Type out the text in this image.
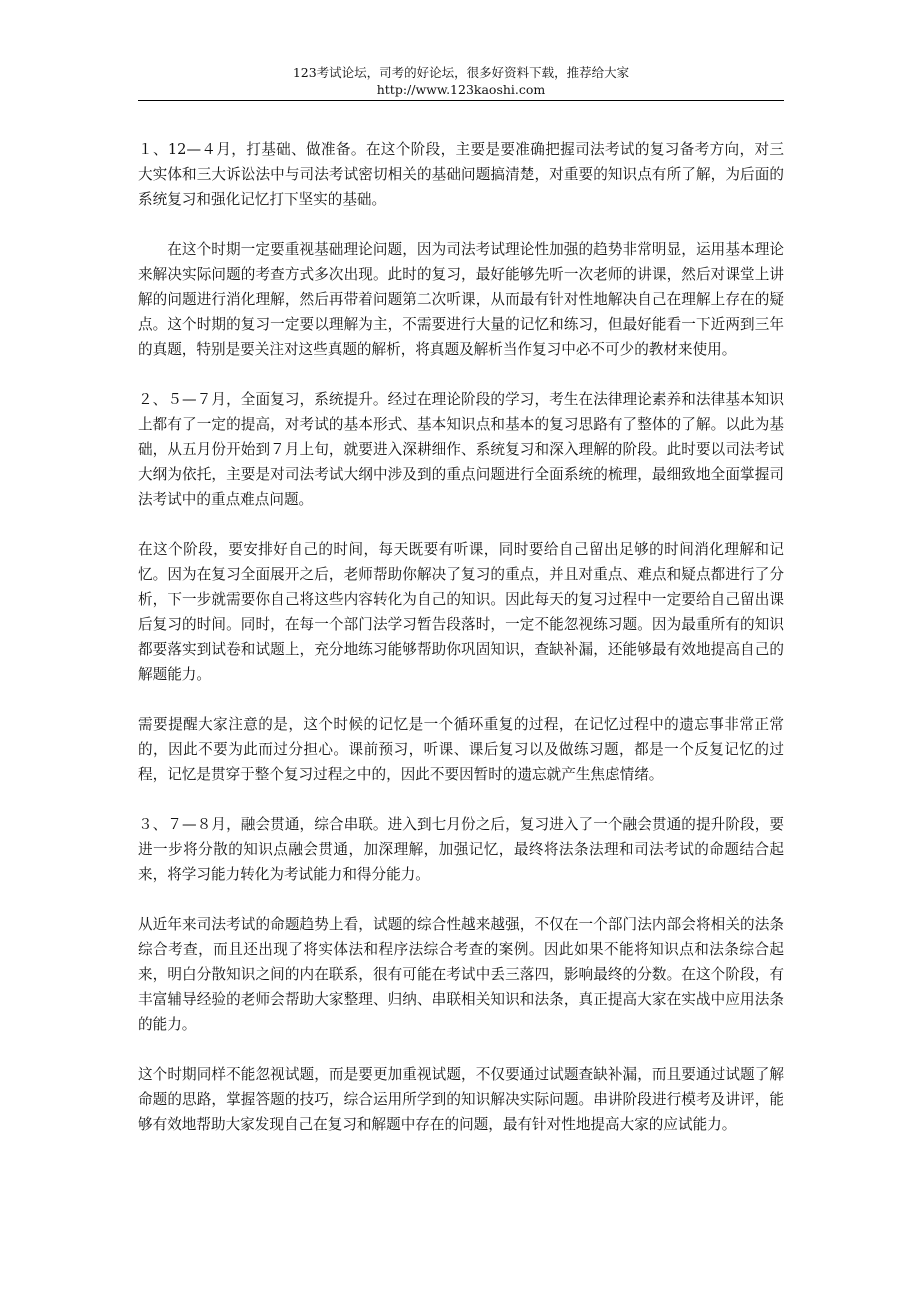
123考试论坛，司考的好论坛，很多好资料下载，推荐给大家
http://www.123kaoshi.com

１、12—４月，打基础、做准备。在这个阶段，主要是要准确把握司法考试的复习备考方向，对三大实体和三大诉讼法中与司法考试密切相关的基础问题搞清楚，对重要的知识点有所了解，为后面的系统复习和强化记忆打下坚实的基础。

在这个时期一定要重视基础理论问题，因为司法考试理论性加强的趋势非常明显，运用基本理论来解决实际问题的考查方式多次出现。此时的复习，最好能够先听一次老师的讲课，然后对课堂上讲解的问题进行消化理解，然后再带着问题第二次听课，从而最有针对性地解决自己在理解上存在的疑点。这个时期的复习一定要以理解为主，不需要进行大量的记忆和练习，但最好能看一下近两到三年的真题，特别是要关注对这些真题的解析，将真题及解析当作复习中必不可少的教材来使用。

２、５—７月，全面复习，系统提升。经过在理论阶段的学习，考生在法律理论素养和法律基本知识上都有了一定的提高，对考试的基本形式、基本知识点和基本的复习思路有了整体的了解。以此为基础，从五月份开始到７月上旬，就要进入深耕细作、系统复习和深入理解的阶段。此时要以司法考试大纲为依托，主要是对司法考试大纲中涉及到的重点问题进行全面系统的梳理，最细致地全面掌握司法考试中的重点难点问题。

在这个阶段，要安排好自己的时间，每天既要有听课，同时要给自己留出足够的时间消化理解和记忆。因为在复习全面展开之后，老师帮助你解决了复习的重点，并且对重点、难点和疑点都进行了分析，下一步就需要你自己将这些内容转化为自己的知识。因此每天的复习过程中一定要给自己留出课后复习的时间。同时，在每一个部门法学习暂告段落时，一定不能忽视练习题。因为最重所有的知识都要落实到试卷和试题上，充分地练习能够帮助你巩固知识，查缺补漏，还能够最有效地提高自己的解题能力。

需要提醒大家注意的是，这个时候的记忆是一个循环重复的过程，在记忆过程中的遗忘事非常正常的，因此不要为此而过分担心。课前预习，听课、课后复习以及做练习题，都是一个反复记忆的过程，记忆是贯穿于整个复习过程之中的，因此不要因暂时的遗忘就产生焦虑情绪。

３、７—８月，融会贯通，综合串联。进入到七月份之后，复习进入了一个融会贯通的提升阶段，要进一步将分散的知识点融会贯通，加深理解，加强记忆，最终将法条法理和司法考试的命题结合起来，将学习能力转化为考试能力和得分能力。

从近年来司法考试的命题趋势上看，试题的综合性越来越强，不仅在一个部门法内部会将相关的法条综合考查，而且还出现了将实体法和程序法综合考查的案例。因此如果不能将知识点和法条综合起来，明白分散知识之间的内在联系，很有可能在考试中丢三落四，影响最终的分数。在这个阶段，有丰富辅导经验的老师会帮助大家整理、归纳、串联相关知识和法条，真正提高大家在实战中应用法条的能力。

这个时期同样不能忽视试题，而是要更加重视试题，不仅要通过试题查缺补漏，而且要通过试题了解命题的思路，掌握答题的技巧，综合运用所学到的知识解决实际问题。串讲阶段进行模考及讲评，能够有效地帮助大家发现自己在复习和解题中存在的问题，最有针对性地提高大家的应试能力。
